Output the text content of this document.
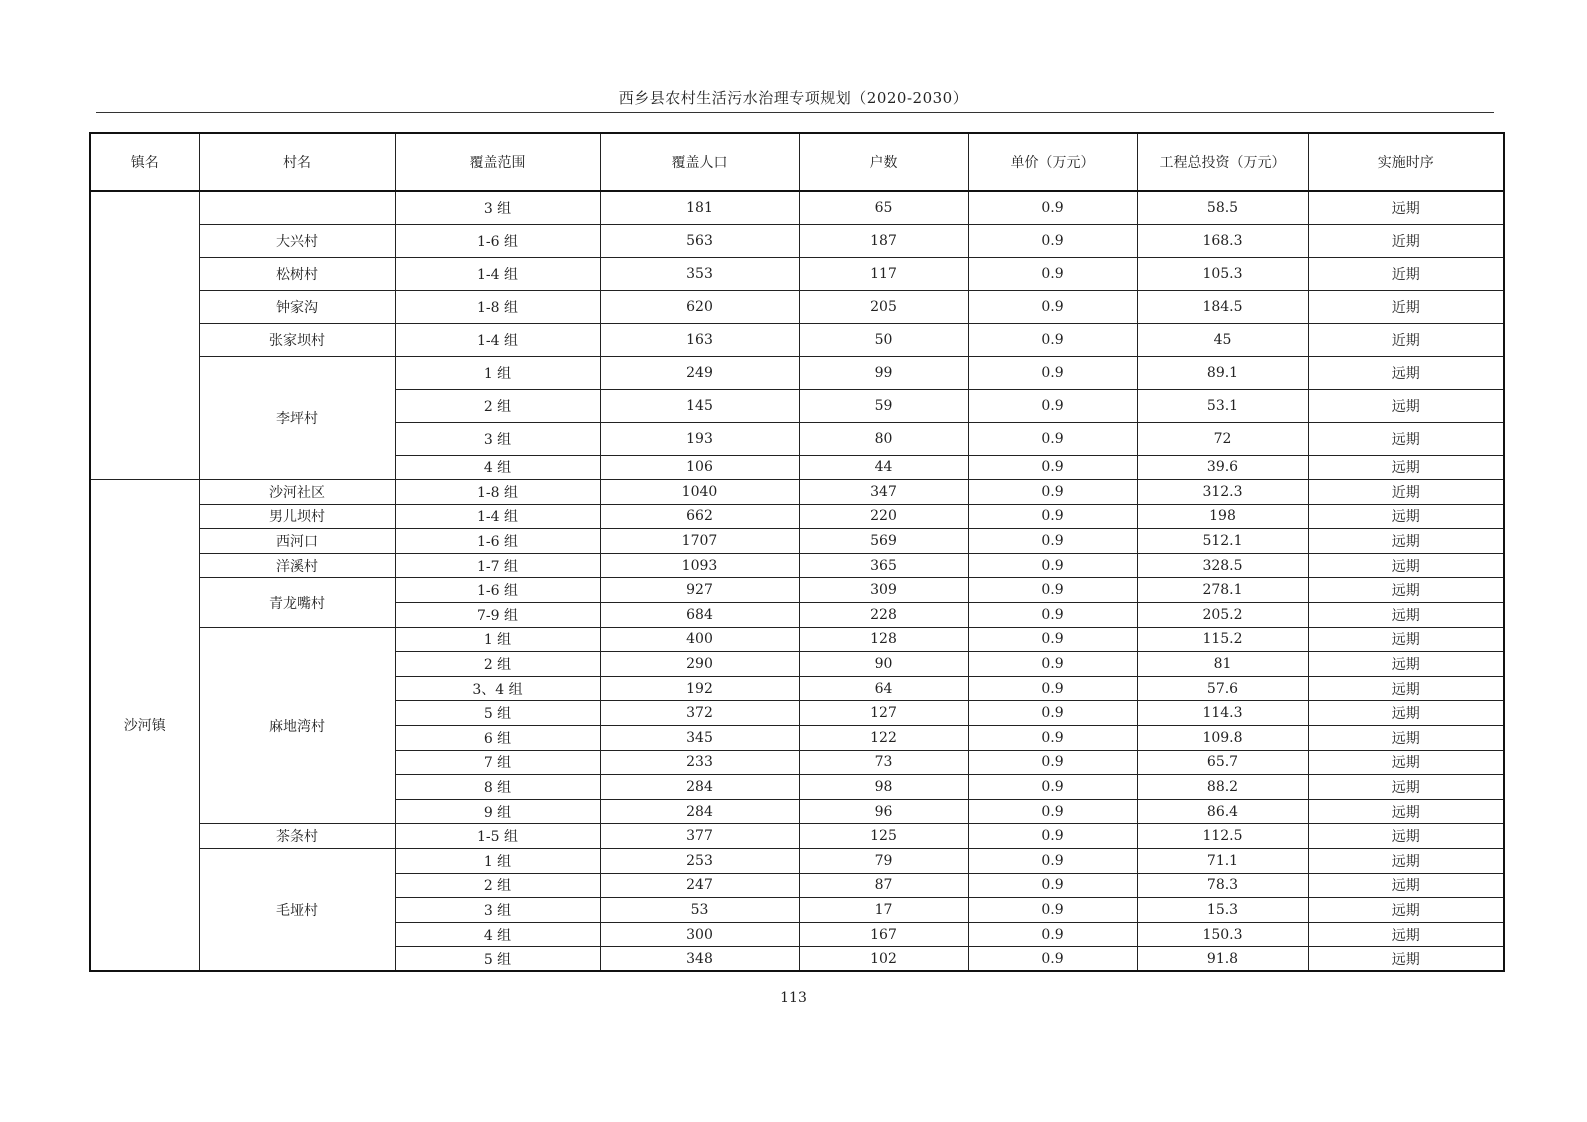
西乡县农村生活污水治理专项规划（2020-2030）
镇名	村名	覆盖范围	覆盖人口	户数	单价（万元）	工程总投资（万元）	实施时序
		3 组	181	65	0.9	58.5	远期
	大兴村	1-6 组	563	187	0.9	168.3	近期
	松树村	1-4 组	353	117	0.9	105.3	近期
	钟家沟	1-8 组	620	205	0.9	184.5	近期
	张家坝村	1-4 组	163	50	0.9	45	近期
	李坪村	1 组	249	99	0.9	89.1	远期
		2 组	145	59	0.9	53.1	远期
		3 组	193	80	0.9	72	远期
		4 组	106	44	0.9	39.6	远期
沙河镇	沙河社区	1-8 组	1040	347	0.9	312.3	近期
	男儿坝村	1-4 组	662	220	0.9	198	远期
	西河口	1-6 组	1707	569	0.9	512.1	远期
	洋溪村	1-7 组	1093	365	0.9	328.5	远期
	青龙嘴村	1-6 组	927	309	0.9	278.1	远期
		7-9 组	684	228	0.9	205.2	远期
	麻地湾村	1 组	400	128	0.9	115.2	远期
		2 组	290	90	0.9	81	远期
		3、4 组	192	64	0.9	57.6	远期
		5 组	372	127	0.9	114.3	远期
		6 组	345	122	0.9	109.8	远期
		7 组	233	73	0.9	65.7	远期
		8 组	284	98	0.9	88.2	远期
		9 组	284	96	0.9	86.4	远期
	茶条村	1-5 组	377	125	0.9	112.5	远期
	毛垭村	1 组	253	79	0.9	71.1	远期
		2 组	247	87	0.9	78.3	远期
		3 组	53	17	0.9	15.3	远期
		4 组	300	167	0.9	150.3	远期
		5 组	348	102	0.9	91.8	远期
113
